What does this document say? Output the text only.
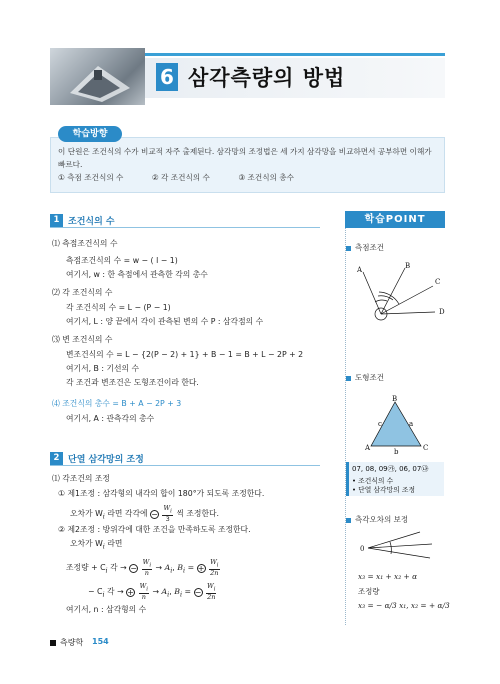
6 삼각측량의 방법
학습방향
이 단원은 조건식의 수가 비교적 자주 출제된다. 삼각망의 조정법은 세 가지 삼각망을 비교하면서 공부하면 이해가 빠르다.
① 측점 조건식의 수	② 각 조건식의 수	③ 조건식의 총수
1 조건식의 수
⑴ 측점조건식의 수
측점조건식의 수 = w − ( l − 1)
여기서, w : 한 측점에서 관측한 각의 총수
⑵ 각 조건식의 수
각 조건식의 수 = L − (P − 1)
여기서, L : 양 끝에서 각이 관측된 변의 수 P : 삼각점의 수
⑶ 변 조건식의 수
변조건식의 수 = L − {2(P − 2) + 1} + B − 1 = B + L − 2P + 2
여기서, B : 기선의 수
각 조건과 변조건은 도형조건이라 한다.
⑷ 조건식의 총수 = B + A − 2P + 3
여기서, A : 관측각의 총수
2 단열 삼각망의 조정
⑴ 각조건의 조정
① 제1조정 : 삼각형의 내각의 합이 180°가 되도록 조정한다.
오차가 $W_i$ 라면 각각에 − $\frac{W_i}{3}$ 씩 조정한다.
② 제2조정 : 방위각에 대한 조건을 만족하도록 조정한다.
오차가 $W_i$ 라면
조정량 + $C_i$ 각 → − $\frac{W_i}{n} \to A_i$, $B_i$ = + $\frac{W_i}{2n}$
− $C_i$ 각 → + $\frac{W_i}{n} \to A_i$, $B_i$ = − $\frac{W_i}{2n}$
여기서, n : 삼각형의 수
학습POINT
측점조건
A	B
C
D
도형조건
B
A	C
c	a
b
07, 08, 09㉮, 06, 07㉯
• 조건식의 수
• 단열 삼각망의 조정
측각오차의 보정
0
x₃ = x₁ + x₂ + α
조정량
x₃ = − α/3 x₁, x₂ = + α/3
측량학 154
